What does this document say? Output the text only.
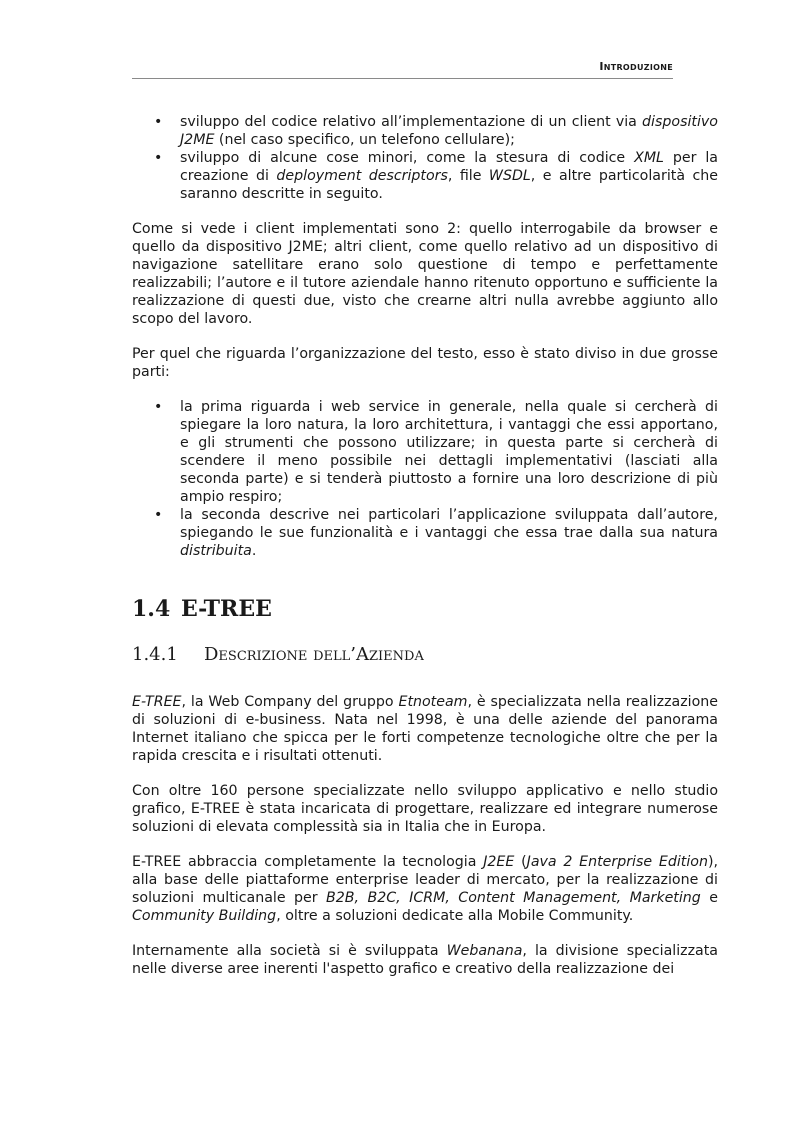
Introduzione
• sviluppo del codice relativo all’implementazione di un client via dispositivo J2ME (nel caso specifico, un telefono cellulare);
• sviluppo di alcune cose minori, come la stesura di codice XML per la creazione di deployment descriptors, file WSDL, e altre particolarità che saranno descritte in seguito.

Come si vede i client implementati sono 2: quello interrogabile da browser e quello da dispositivo J2ME; altri client, come quello relativo ad un dispositivo di navigazione satellitare erano solo questione di tempo e perfettamente realizzabili; l’autore e il tutore aziendale hanno ritenuto opportuno e sufficiente la realizzazione di questi due, visto che crearne altri nulla avrebbe aggiunto allo scopo del lavoro.

Per quel che riguarda l’organizzazione del testo, esso è stato diviso in due grosse parti:

• la prima riguarda i web service in generale, nella quale si cercherà di spiegare la loro natura, la loro architettura, i vantaggi che essi apportano, e gli strumenti che possono utilizzare; in questa parte si cercherà di scendere il meno possibile nei dettagli implementativi (lasciati alla seconda parte) e si tenderà piuttosto a fornire una loro descrizione di più ampio respiro;
• la seconda descrive nei particolari l’applicazione sviluppata dall’autore, spiegando le sue funzionalità e i vantaggi che essa trae dalla sua natura distribuita.
1.4 E-TREE
1.4.1 Descrizione dell’Azienda

E-TREE, la Web Company del gruppo Etnoteam, è specializzata nella realizzazione di soluzioni di e-business. Nata nel 1998, è una delle aziende del panorama Internet italiano che spicca per le forti competenze tecnologiche oltre che per la rapida crescita e i risultati ottenuti.

Con oltre 160 persone specializzate nello sviluppo applicativo e nello studio grafico, E-TREE è stata incaricata di progettare, realizzare ed integrare numerose soluzioni di elevata complessità sia in Italia che in Europa.

E-TREE abbraccia completamente la tecnologia J2EE (Java 2 Enterprise Edition), alla base delle piattaforme enterprise leader di mercato, per la realizzazione di soluzioni multicanale per B2B, B2C, ICRM, Content Management, Marketing e Community Building, oltre a soluzioni dedicate alla Mobile Community.

Internamente alla società si è sviluppata Webanana, la divisione specializzata nelle diverse aree inerenti l'aspetto grafico e creativo della realizzazione dei
